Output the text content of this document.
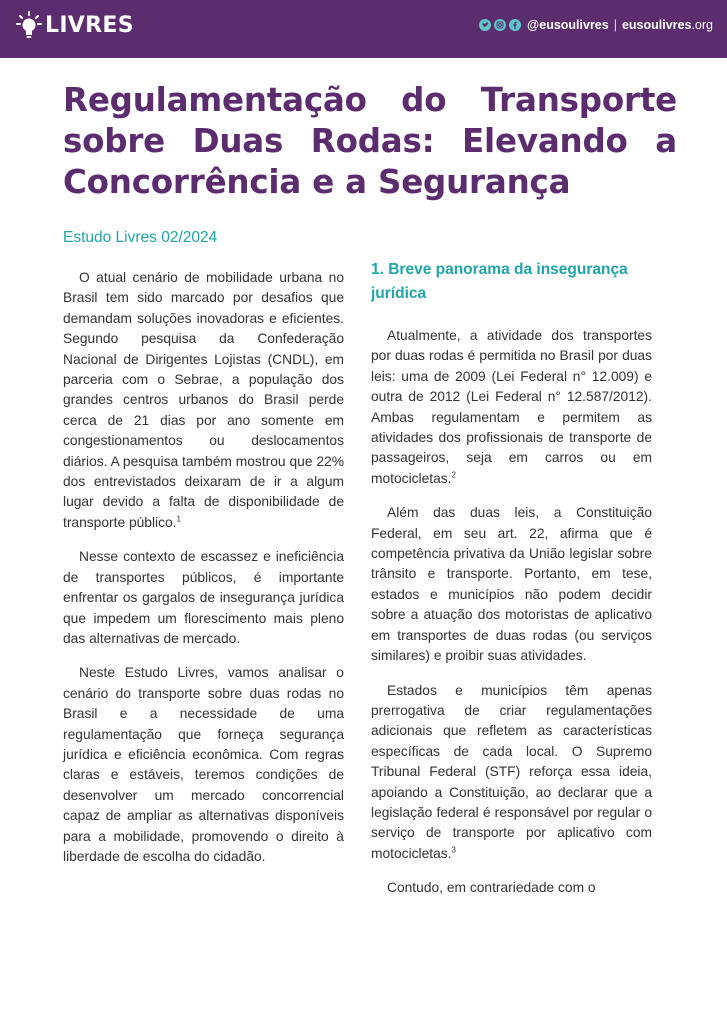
LIVRES	@eusoulivres | eusoulivres.org
Regulamentação do Transporte sobre Duas Rodas: Elevando a Concorrência e a Segurança
Estudo Livres 02/2024

O atual cenário de mobilidade urbana no Brasil tem sido marcado por desafios que demandam soluções inovadoras e eficientes. Segundo pesquisa da Confederação Nacional de Dirigentes Lojistas (CNDL), em parceria com o Sebrae, a população dos grandes centros urbanos do Brasil perde cerca de 21 dias por ano somente em congestionamentos ou deslocamentos diários. A pesquisa também mostrou que 22% dos entrevistados deixaram de ir a algum lugar devido a falta de disponibilidade de transporte público.$^1$

Nesse contexto de escassez e ineficiência de transportes públicos, é importante enfrentar os gargalos de insegurança jurídica que impedem um florescimento mais pleno das alternativas de mercado.

Neste Estudo Livres, vamos analisar o cenário do transporte sobre duas rodas no Brasil e a necessidade de uma regulamentação que forneça segurança jurídica e eficiência econômica. Com regras claras e estáveis, teremos condições de desenvolver um mercado concorrencial capaz de ampliar as alternativas disponíveis para a mobilidade, promovendo o direito à liberdade de escolha do cidadão.

1. Breve panorama da insegurança jurídica

Atualmente, a atividade dos transportes por duas rodas é permitida no Brasil por duas leis: uma de 2009 (Lei Federal n° 12.009) e outra de 2012 (Lei Federal n° 12.587/2012). Ambas regulamentam e permitem as atividades dos profissionais de transporte de passageiros, seja em carros ou em motocicletas.$^2$

Além das duas leis, a Constituição Federal, em seu art. 22, afirma que é competência privativa da União legislar sobre trânsito e transporte. Portanto, em tese, estados e municípios não podem decidir sobre a atuação dos motoristas de aplicativo em transportes de duas rodas (ou serviços similares) e proibir suas atividades.

Estados e municípios têm apenas prerrogativa de criar regulamentações adicionais que refletem as características específicas de cada local. O Supremo Tribunal Federal (STF) reforça essa ideia, apoiando a Constituição, ao declarar que a legislação federal é responsável por regular o serviço de transporte por aplicativo com motocicletas.$^3$

Contudo, em contrariedade com o
